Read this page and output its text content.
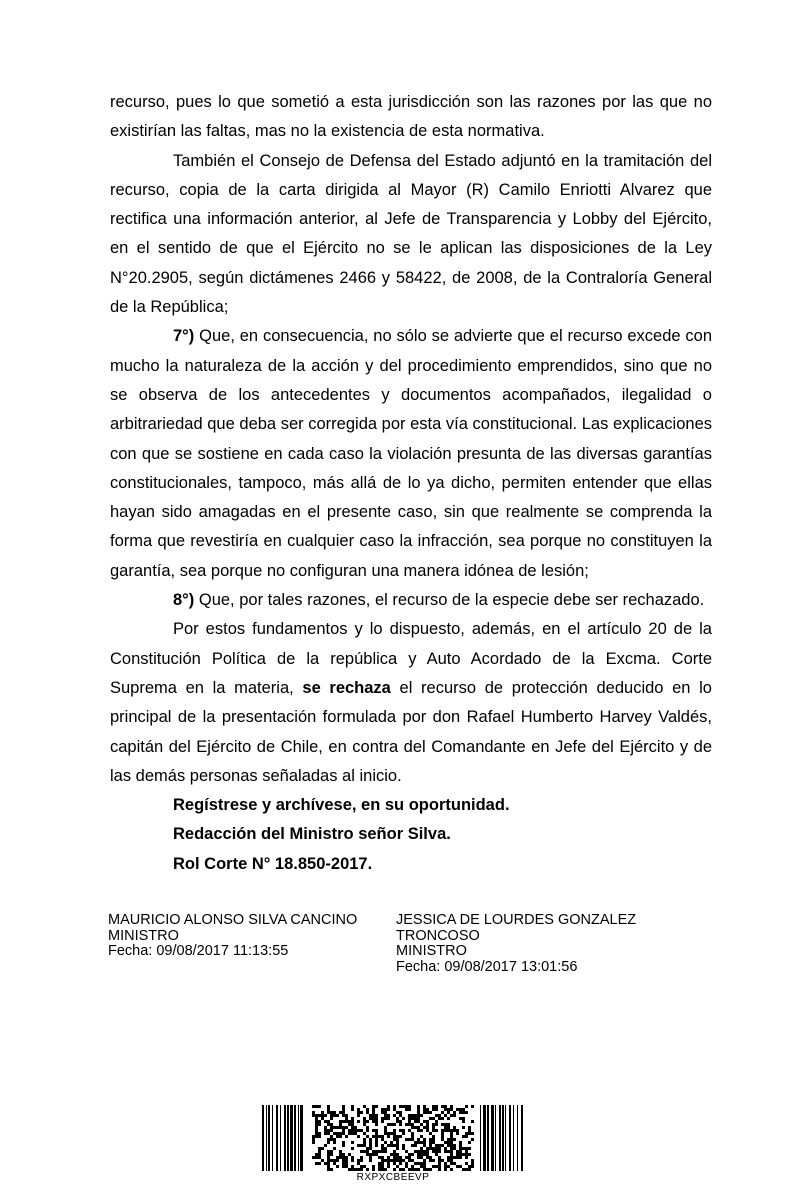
recurso, pues lo que sometió a esta jurisdicción son las razones por las que no existirían las faltas, mas no la existencia de esta normativa.

También el Consejo de Defensa del Estado adjuntó en la tramitación del recurso, copia de la carta dirigida al Mayor (R) Camilo Enriotti Alvarez que rectifica una información anterior, al Jefe de Transparencia y Lobby del Ejército, en el sentido de que el Ejército no se le aplican las disposiciones de la Ley N°20.2905, según dictámenes 2466 y 58422, de 2008, de la Contraloría General de la República;

7°) Que, en consecuencia, no sólo se advierte que el recurso excede con mucho la naturaleza de la acción y del procedimiento emprendidos, sino que no se observa de los antecedentes y documentos acompañados, ilegalidad o arbitrariedad que deba ser corregida por esta vía constitucional. Las explicaciones con que se sostiene en cada caso la violación presunta de las diversas garantías constitucionales, tampoco, más allá de lo ya dicho, permiten entender que ellas hayan sido amagadas en el presente caso, sin que realmente se comprenda la forma que revestiría en cualquier caso la infracción, sea porque no constituyen la garantía, sea porque no configuran una manera idónea de lesión;

8°) Que, por tales razones, el recurso de la especie debe ser rechazado.

Por estos fundamentos y lo dispuesto, además, en el artículo 20 de la Constitución Política de la república y Auto Acordado de la Excma. Corte Suprema en la materia, se rechaza el recurso de protección deducido en lo principal de la presentación formulada por don Rafael Humberto Harvey Valdés, capitán del Ejército de Chile, en contra del Comandante en Jefe del Ejército y de las demás personas señaladas al inicio.

Regístrese y archívese, en su oportunidad.

Redacción del Ministro señor Silva.

Rol Corte N° 18.850-2017.

MAURICIO ALONSO SILVA CANCINO
MINISTRO
Fecha: 09/08/2017 11:13:55
JESSICA DE LOURDES GONZALEZ TRONCOSO
MINISTRO
Fecha: 09/08/2017 13:01:56
RXPXCBEEVP
